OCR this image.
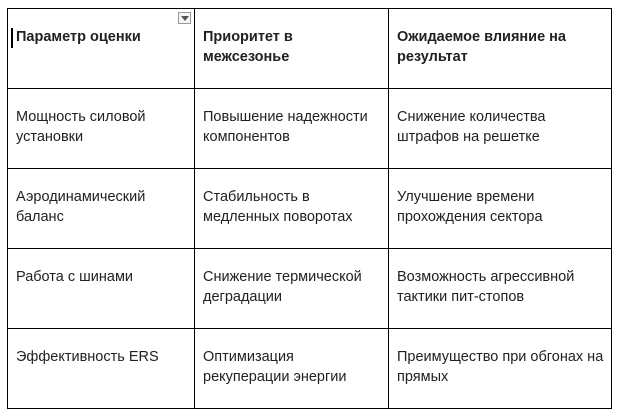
Параметр оценки	Приоритет в межсезонье	Ожидаемое влияние на результат
Мощность силовой установки	Повышение надежности компонентов	Снижение количества штрафов на решетке
Аэродинамический баланс	Стабильность в медленных поворотах	Улучшение времени прохождения сектора
Работа с шинами	Снижение термической деградации	Возможность агрессивной тактики пит-стопов
Эффективность ERS	Оптимизация рекуперации энергии	Преимущество при обгонах на прямых
